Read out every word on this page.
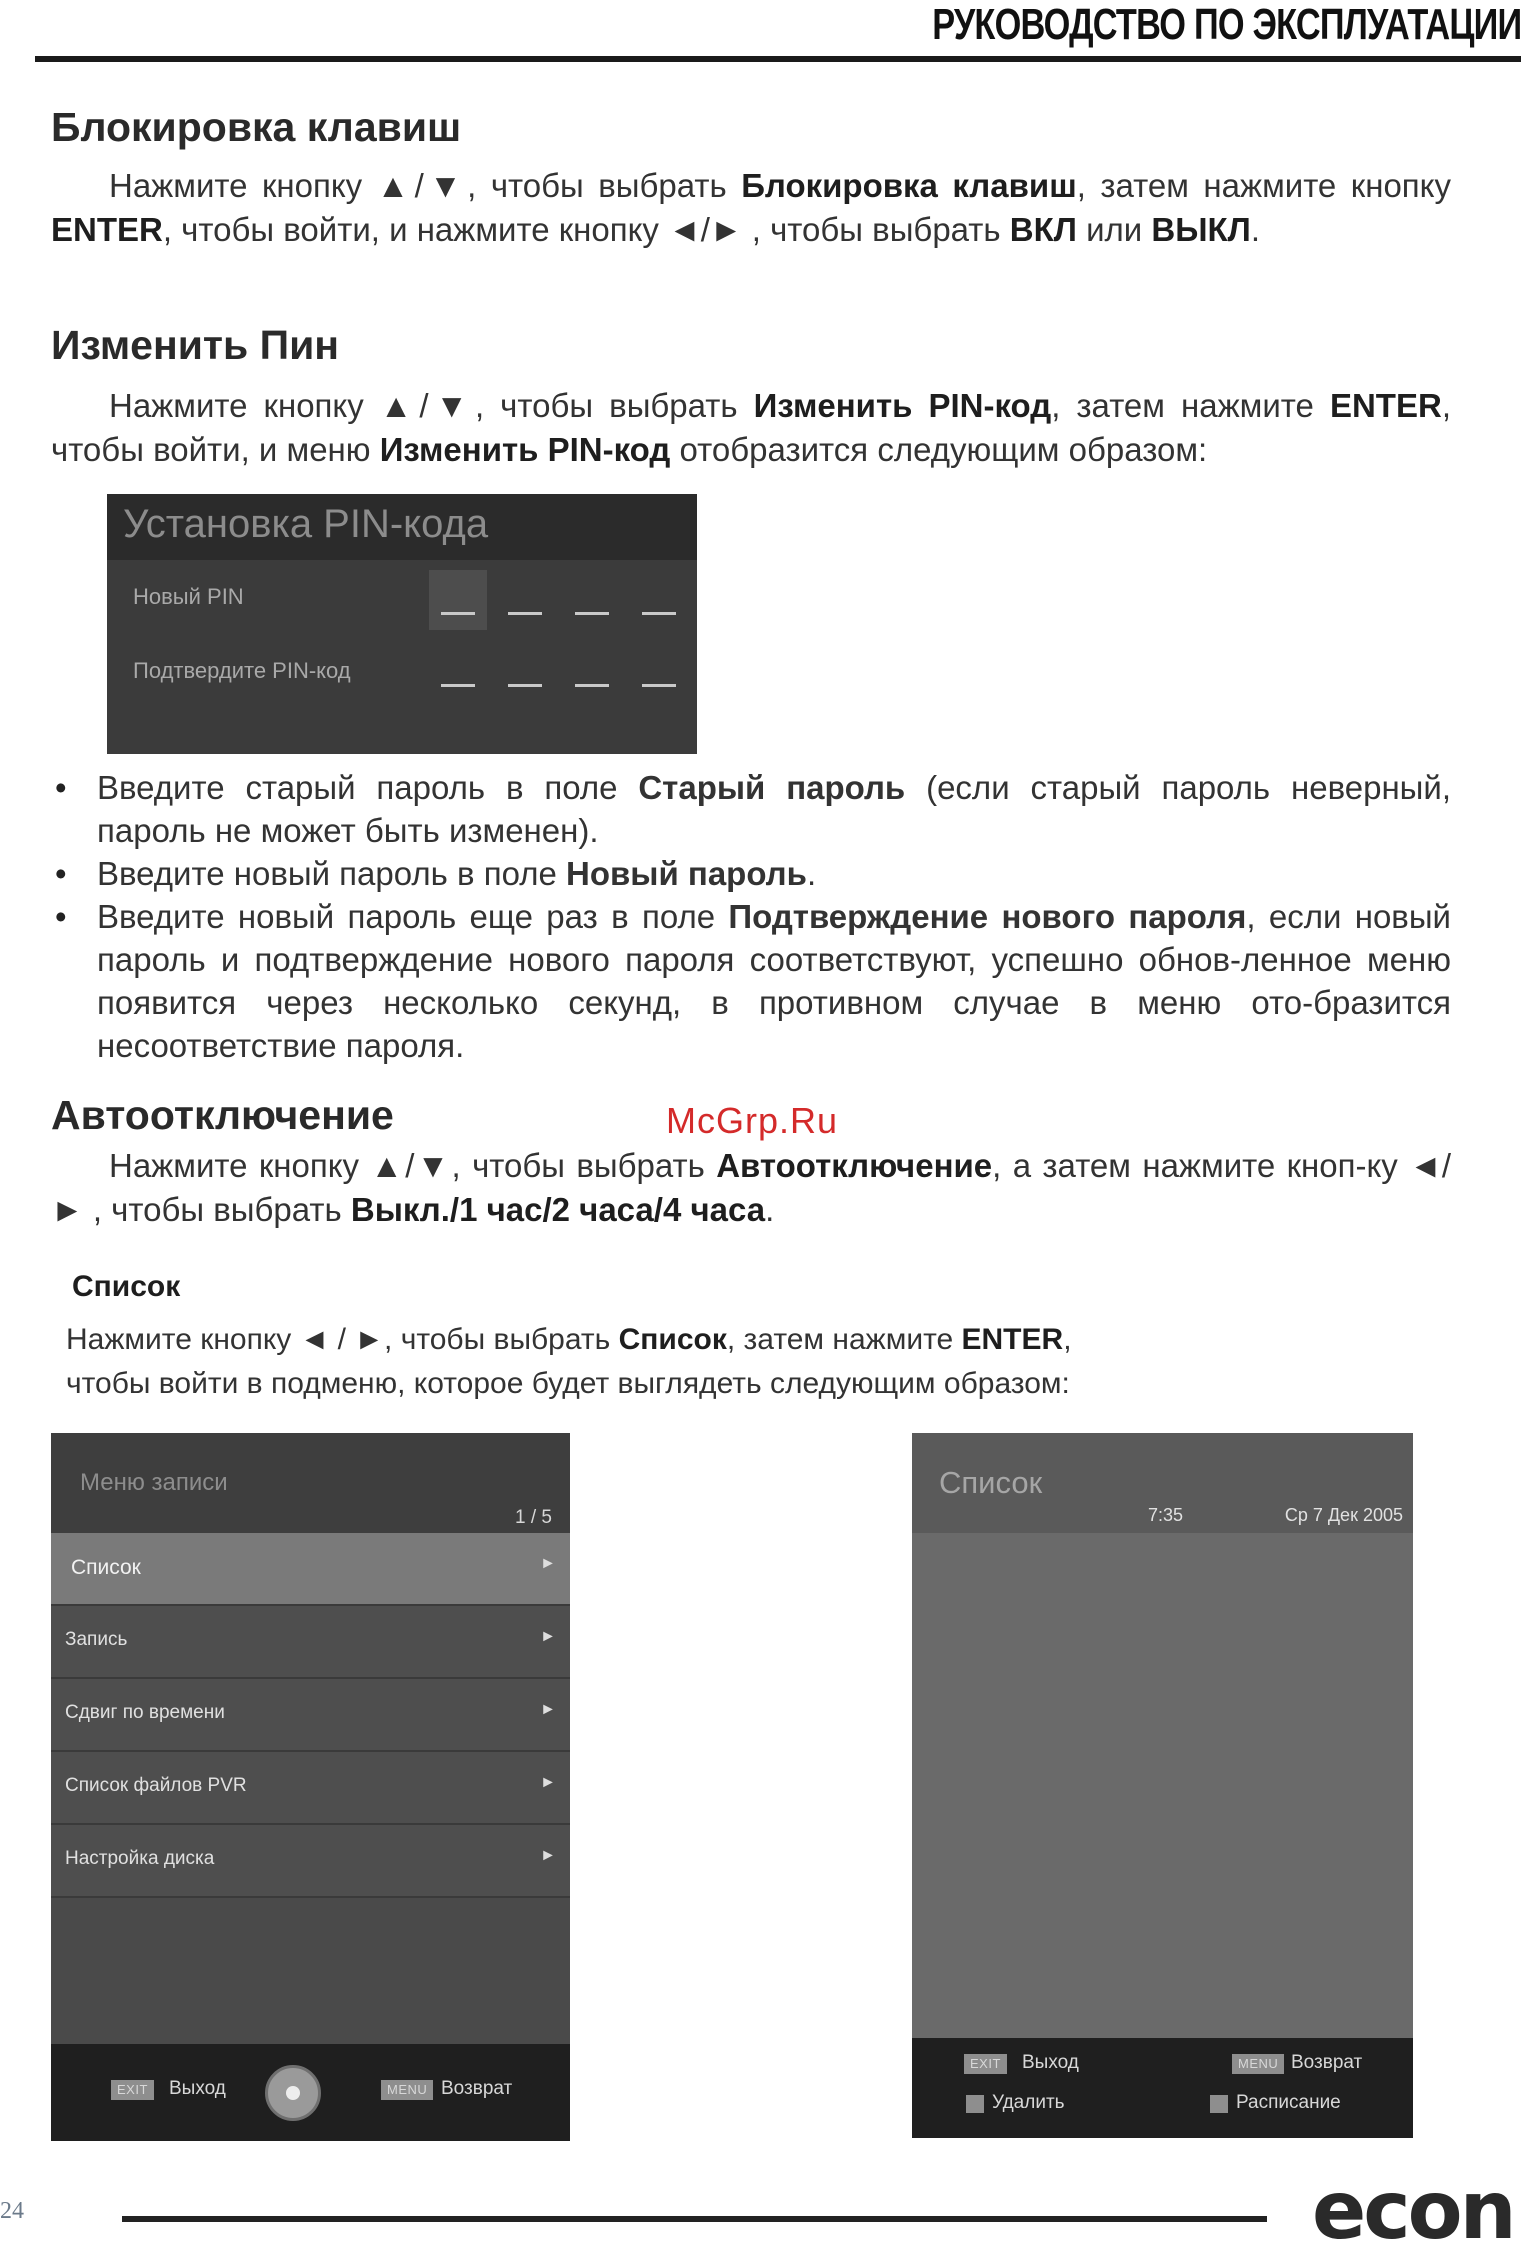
РУКОВОДСТВО ПО ЭКСПЛУАТАЦИИ
Блокировка клавиш

Нажмите кнопку ▲/▼, чтобы выбрать Блокировка клавиш, затем нажмите кнопку ENTER, чтобы войти, и нажмите кнопку ◄/► , чтобы выбрать ВКЛ или ВЫКЛ.

Изменить Пин

Нажмите кнопку ▲/▼, чтобы выбрать Изменить PIN-код, затем нажмите ENTER, чтобы войти, и меню Изменить PIN-код отобразится следующим образом:

Установка PIN-кода
Новый PIN
Подтвердите PIN-код
• Введите старый пароль в поле Старый пароль (если старый пароль неверный, пароль не может быть изменен).
• Введите новый пароль в поле Новый пароль.
• Введите новый пароль еще раз в поле Подтверждение нового пароля, если новый пароль и подтверждение нового пароля соответствуют, успешно обнов-ленное меню появится через несколько секунд, в противном случае в меню ото-бразится несоответствие пароля.
Автоотключение	McGrp.Ru

Нажмите кнопку ▲/▼, чтобы выбрать Автоотключение, а затем нажмите кноп-ку ◄/► , чтобы выбрать Выкл./1 час/2 часа/4 часа.

Список

Нажмите кнопку ◄ / ►, чтобы выбрать Список, затем нажмите ENTER,
чтобы войти в подменю, которое будет выглядеть следующим образом:

Меню записи
1 / 5
Список	►
Запись	►
Сдвиг по времени	►
Список файлов PVR	►
Настройка диска	►
EXIT	Выход	MENU Возврат
Список
7:35	Ср 7 Дек 2005
EXIT	Выход	MENU Возврат
Удалить	Расписание
24	econ
